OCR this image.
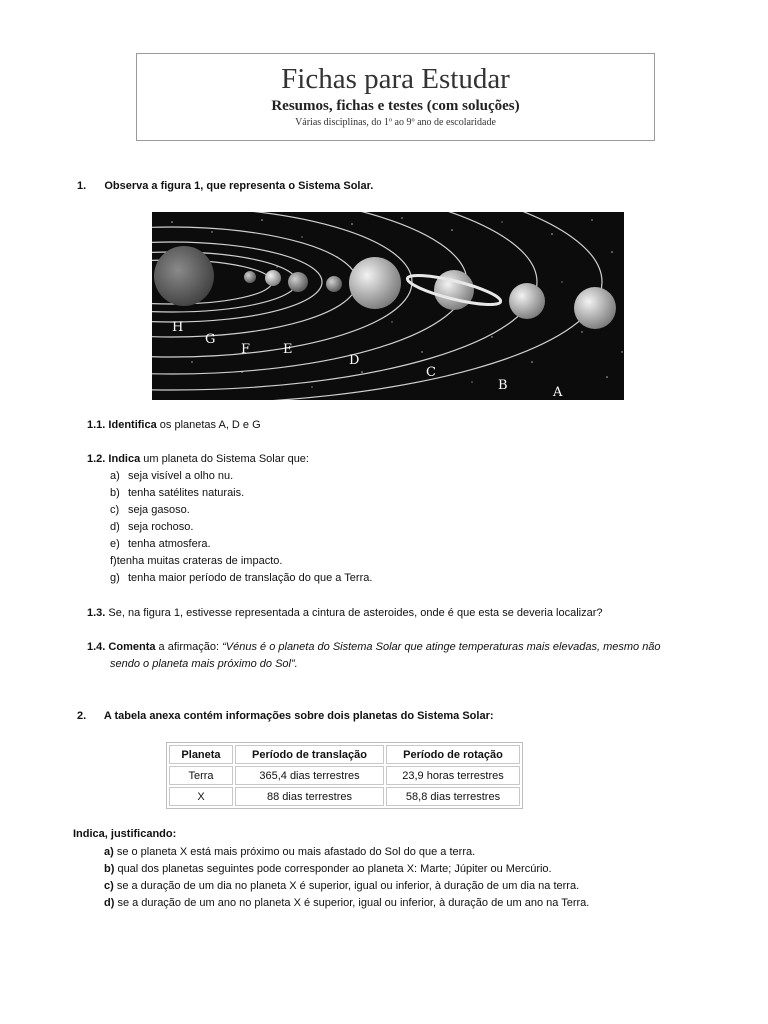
Fichas para Estudar
Resumos, fichas e testes (com soluções)
Várias disciplinas, do 1º ao 9º ano de escolaridade
1. Observa a figura 1, que representa o Sistema Solar.
H
G
F	E
D
C
B	A
1.1. Identifica os planetas A, D e G
1.2. Indica um planeta do Sistema Solar que:
a) seja visível a olho nu.
b) tenha satélites naturais.
c) seja gasoso.
d) seja rochoso.
e) tenha atmosfera.
f)tenha muitas crateras de impacto.
g) tenha maior período de translação do que a Terra.
1.3. Se, na figura 1, estivesse representada a cintura de asteroides, onde é que esta se deveria localizar?
1.4. Comenta a afirmação: “Vénus é o planeta do Sistema Solar que atinge temperaturas mais elevadas, mesmo não
sendo o planeta mais próximo do Sol”.
2. A tabela anexa contém informações sobre dois planetas do Sistema Solar:
Planeta	Período de translação	Período de rotação
Terra	365,4 dias terrestres	23,9 horas terrestres
X	88 dias terrestres	58,8 dias terrestres
Indica, justificando:
a) se o planeta X está mais próximo ou mais afastado do Sol do que a terra.
b) qual dos planetas seguintes pode corresponder ao planeta X: Marte; Júpiter ou Mercúrio.
c) se a duração de um dia no planeta X é superior, igual ou inferior, à duração de um dia na terra.
d) se a duração de um ano no planeta X é superior, igual ou inferior, à duração de um ano na Terra.
